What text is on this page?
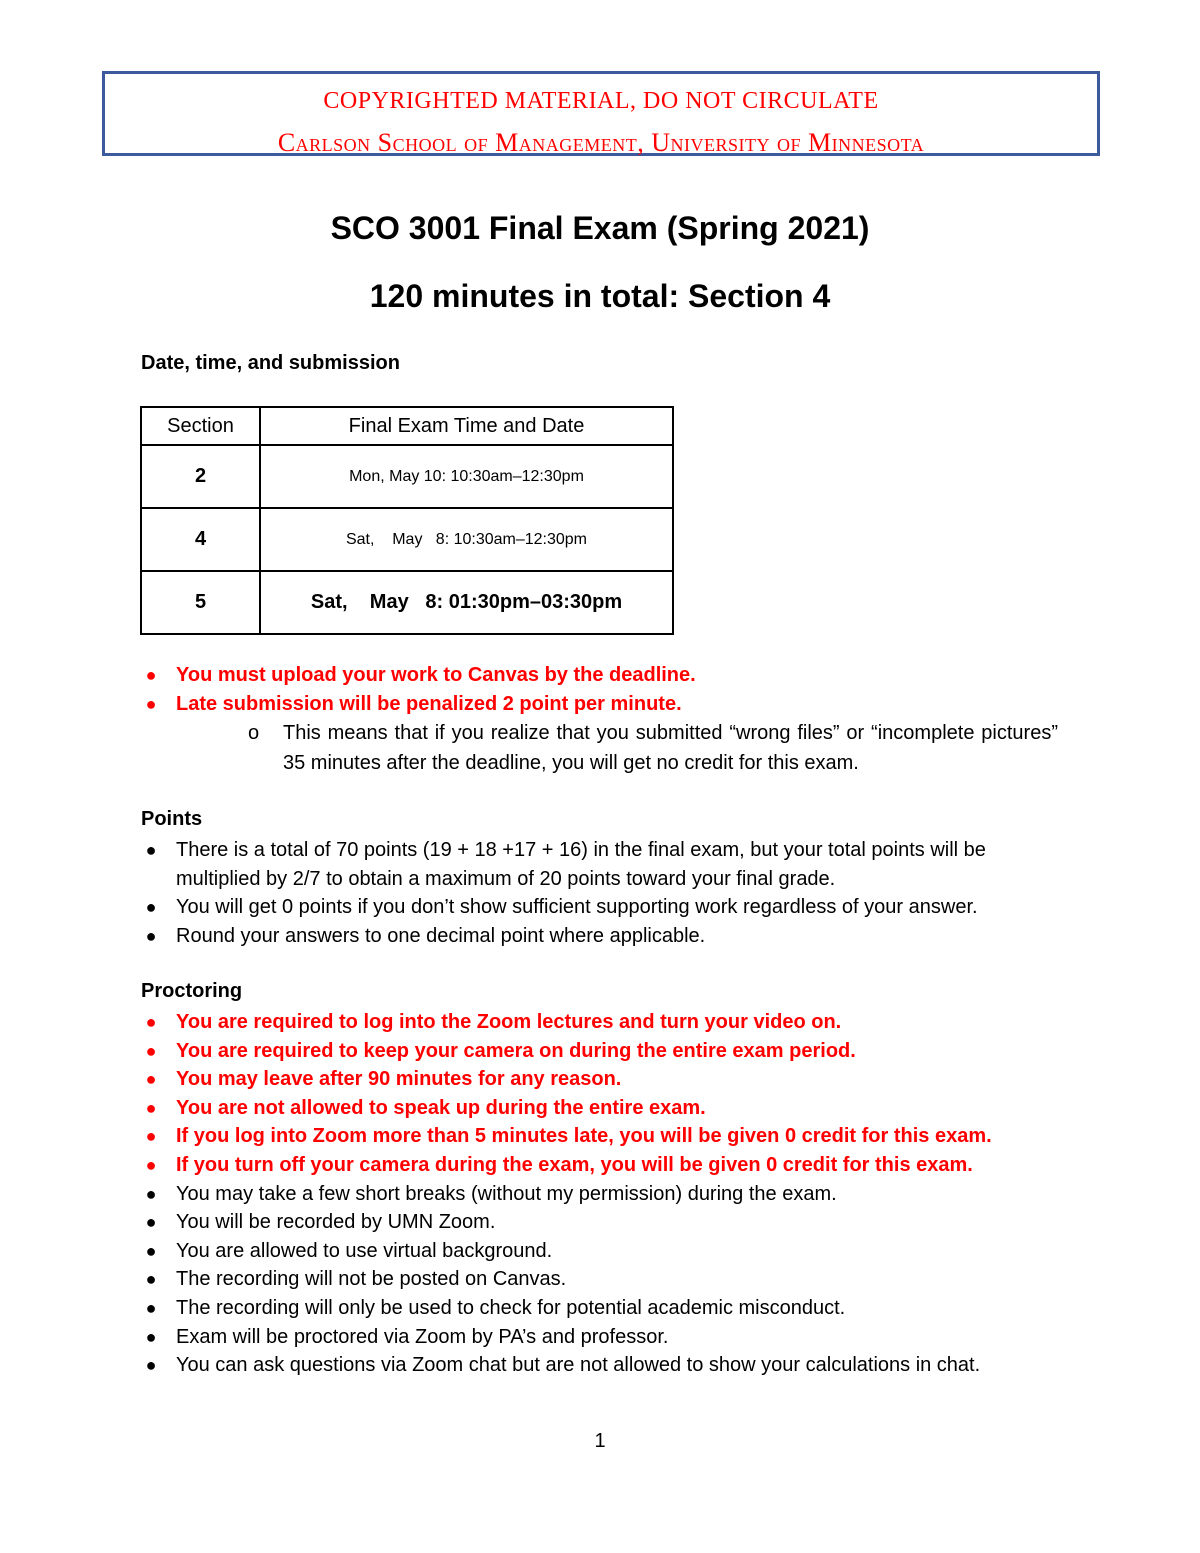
COPYRIGHTED MATERIAL, DO NOT CIRCULATE
Carlson School of Management, University of Minnesota
SCO 3001 Final Exam (Spring 2021)
120 minutes in total: Section 4
Date, time, and submission
Section	Final Exam Time and Date
2	Mon, May 10: 10:30am–12:30pm
4	Sat,    May   8: 10:30am–12:30pm
5	Sat,    May   8: 01:30pm–03:30pm
● You must upload your work to Canvas by the deadline.
● Late submission will be penalized 2 point per minute.
o	This means that if you realize that you submitted “wrong files” or “incomplete pictures” 35 minutes after the deadline, you will get no credit for this exam.
Points
● There is a total of 70 points (19 + 18 +17 + 16) in the final exam, but your total points will be multiplied by 2/7 to obtain a maximum of 20 points toward your final grade.
● You will get 0 points if you don’t show sufficient supporting work regardless of your answer.
● Round your answers to one decimal point where applicable.
Proctoring
● You are required to log into the Zoom lectures and turn your video on.
● You are required to keep your camera on during the entire exam period.
● You may leave after 90 minutes for any reason.
● You are not allowed to speak up during the entire exam.
● If you log into Zoom more than 5 minutes late, you will be given 0 credit for this exam.
● If you turn off your camera during the exam, you will be given 0 credit for this exam.
● You may take a few short breaks (without my permission) during the exam.
● You will be recorded by UMN Zoom.
● You are allowed to use virtual background.
● The recording will not be posted on Canvas.
● The recording will only be used to check for potential academic misconduct.
● Exam will be proctored via Zoom by PA’s and professor.
● You can ask questions via Zoom chat but are not allowed to show your calculations in chat.
1
